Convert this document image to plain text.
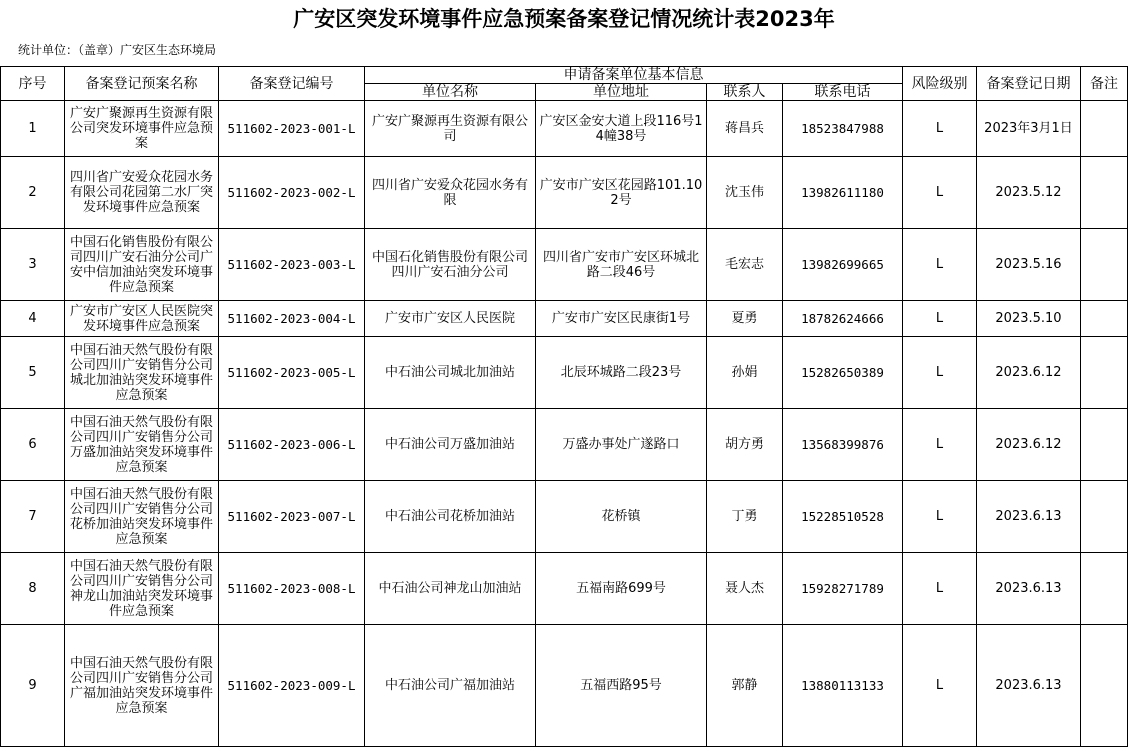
广安区突发环境事件应急预案备案登记情况统计表2023年
统计单位：（盖章）广安区生态环境局
序号	备案登记预案名称	备案登记编号	申请备案单位基本信息				风险级别	备案登记日期	备注
			单位名称	单位地址	联系人	联系电话			
1	广安广聚源再生资源有限公司突发环境事件应急预案	511602-2023-001-L	广安广聚源再生资源有限公司	广安区金安大道上段116号14幢38号	蒋昌兵	18523847988	L	2023年3月1日	
2	四川省广安爱众花园水务有限公司花园第二水厂突发环境事件应急预案	511602-2023-002-L	四川省广安爱众花园水务有限	广安市广安区花园路101.102号	沈玉伟	13982611180	L	2023.5.12	
3	中国石化销售股份有限公司四川广安石油分公司广安中信加油站突发环境事件应急预案	511602-2023-003-L	中国石化销售股份有限公司四川广安石油分公司	四川省广安市广安区环城北路二段46号	毛宏志	13982699665	L	2023.5.16	
4	广安市广安区人民医院突发环境事件应急预案	511602-2023-004-L	广安市广安区人民医院	广安市广安区民康街1号	夏勇	18782624666	L	2023.5.10	
5	中国石油天然气股份有限公司四川广安销售分公司城北加油站突发环境事件应急预案	511602-2023-005-L	中石油公司城北加油站	北辰环城路二段23号	孙娟	15282650389	L	2023.6.12	
6	中国石油天然气股份有限公司四川广安销售分公司万盛加油站突发环境事件应急预案	511602-2023-006-L	中石油公司万盛加油站	万盛办事处广遂路口	胡方勇	13568399876	L	2023.6.12	
7	中国石油天然气股份有限公司四川广安销售分公司花桥加油站突发环境事件应急预案	511602-2023-007-L	中石油公司花桥加油站	花桥镇	丁勇	15228510528	L	2023.6.13	
8	中国石油天然气股份有限公司四川广安销售分公司神龙山加油站突发环境事件应急预案	511602-2023-008-L	中石油公司神龙山加油站	五福南路699号	聂人杰	15928271789	L	2023.6.13	
9	中国石油天然气股份有限公司四川广安销售分公司广福加油站突发环境事件应急预案	511602-2023-009-L	中石油公司广福加油站	五福西路95号	郭静	13880113133	L	2023.6.13	
